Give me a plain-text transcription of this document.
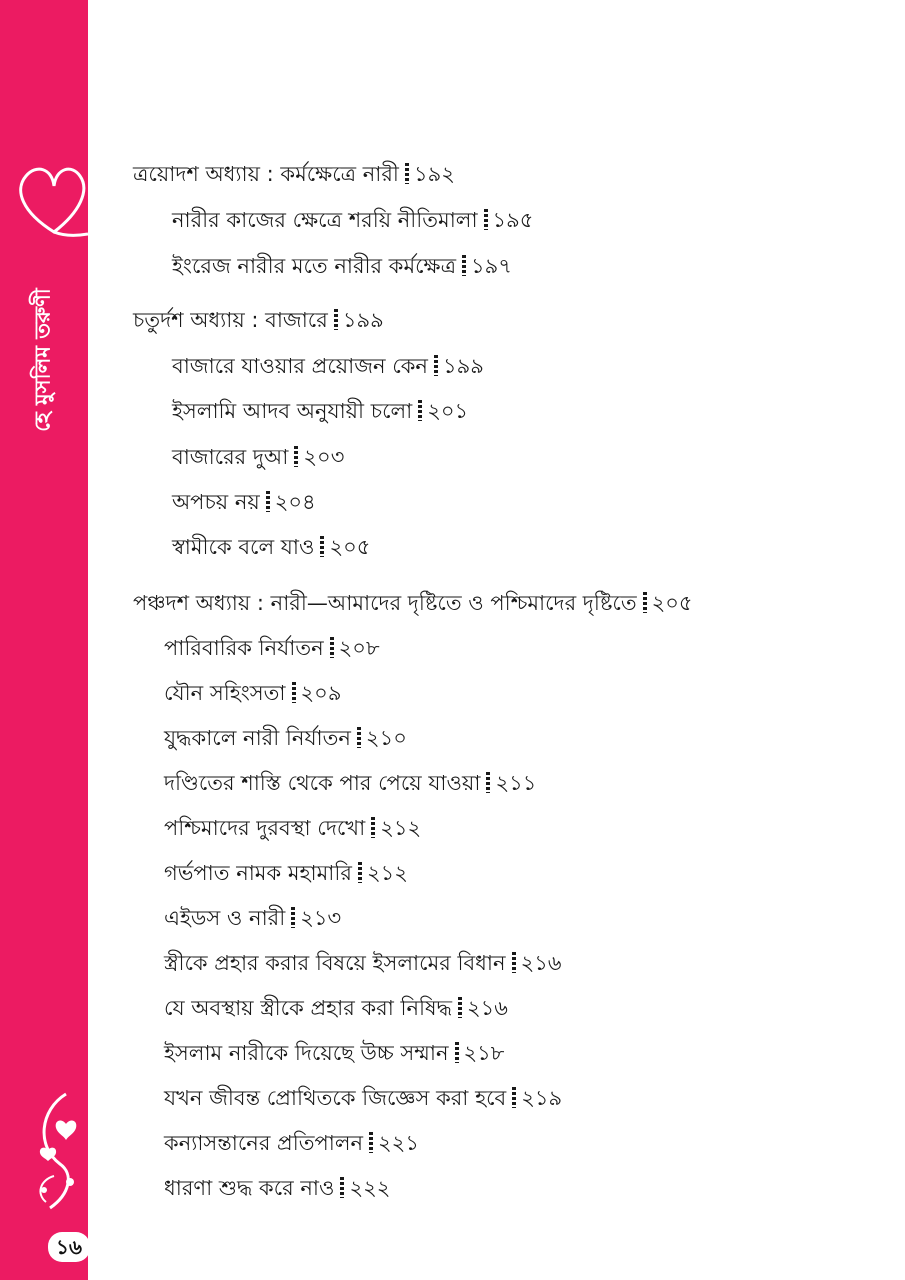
হে মুসলিম তরুণী
১৬
ত্রয়োদশ অধ্যায় : কর্মক্ষেত্রে নারী ১৯২
নারীর কাজের ক্ষেত্রে শরয়ি নীতিমালা ১৯৫
ইংরেজ নারীর মতে নারীর কর্মক্ষেত্র ১৯৭
চতুর্দশ অধ্যায় : বাজারে ১৯৯
বাজারে যাওয়ার প্রয়োজন কেন ১৯৯
ইসলামি আদব অনুযায়ী চলো ২০১
বাজারের দুআ ২০৩
অপচয় নয় ২০৪
স্বামীকে বলে যাও ২০৫
পঞ্চদশ অধ্যায় : নারী—আমাদের দৃষ্টিতে ও পশ্চিমাদের দৃষ্টিতে ২০৫
পারিবারিক নির্যাতন ২০৮
যৌন সহিংসতা ২০৯
যুদ্ধকালে নারী নির্যাতন ২১০
দণ্ডিতের শাস্তি থেকে পার পেয়ে যাওয়া ২১১
পশ্চিমাদের দুরবস্থা দেখো ২১২
গর্ভপাত নামক মহামারি ২১২
এইডস ও নারী ২১৩
স্ত্রীকে প্রহার করার বিষয়ে ইসলামের বিধান ২১৬
যে অবস্থায় স্ত্রীকে প্রহার করা নিষিদ্ধ ২১৬
ইসলাম নারীকে দিয়েছে উচ্চ সম্মান ২১৮
যখন জীবন্ত প্রোথিতকে জিজ্ঞেস করা হবে ২১৯
কন্যাসন্তানের প্রতিপালন ২২১
ধারণা শুদ্ধ করে নাও ২২২
